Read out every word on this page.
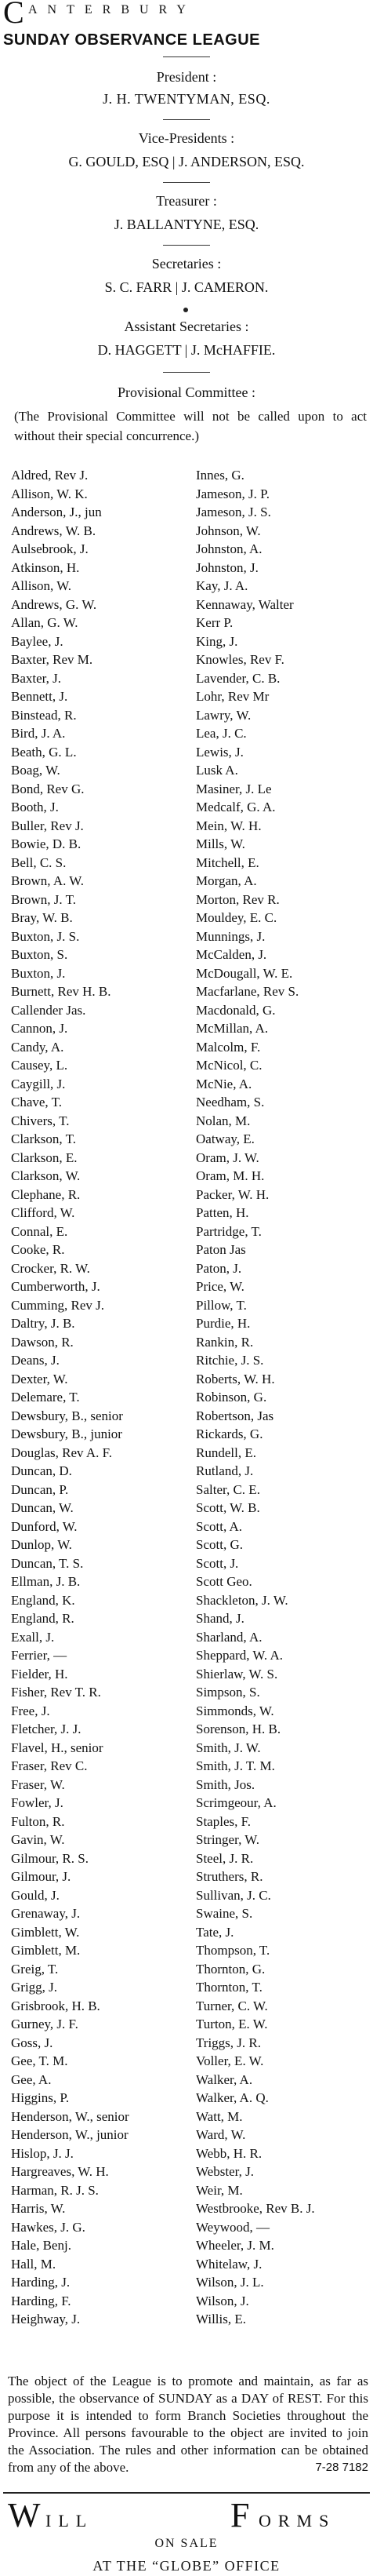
C ANTERBURY
SUNDAY OBSERVANCE LEAGUE
President :
J. H. TWENTYMAN, ESQ.
Vice-Presidents :
G. GOULD, ESQ | J. ANDERSON, ESQ.
Treasurer :
J. BALLANTYNE, ESQ.
Secretaries :
S. C. FARR | J. CAMERON.
Assistant Secretaries :
D. HAGGETT | J. McHAFFIE.
Provisional Committee :
(The Provisional Committee will not be called upon to act without their special concurrence.)
Aldred, Rev J.	Innes, G.
Allison, W. K.	Jameson, J. P.
Anderson, J., jun	Jameson, J. S.
Andrews, W. B.	Johnson, W.
Aulsebrook, J.	Johnston, A.
Atkinson, H.	Johnston, J.
Allison, W.	Kay, J. A.
Andrews, G. W.	Kennaway, Walter
Allan, G. W.	Kerr P.
Baylee, J.	King, J.
Baxter, Rev M.	Knowles, Rev F.
Baxter, J.	Lavender, C. B.
Bennett, J.	Lohr, Rev Mr
Binstead, R.	Lawry, W.
Bird, J. A.	Lea, J. C.
Beath, G. L.	Lewis, J.
Boag, W.	Lusk A.
Bond, Rev G.	Masiner, J. Le
Booth, J.	Medcalf, G. A.
Buller, Rev J.	Mein, W. H.
Bowie, D. B.	Mills, W.
Bell, C. S.	Mitchell, E.
Brown, A. W.	Morgan, A.
Brown, J. T.	Morton, Rev R.
Bray, W. B.	Mouldey, E. C.
Buxton, J. S.	Munnings, J.
Buxton, S.	McCalden, J.
Buxton, J.	McDougall, W. E.
Burnett, Rev H. B.	Macfarlane, Rev S.
Callender Jas.	Macdonald, G.
Cannon, J.	McMillan, A.
Candy, A.	Malcolm, F.
Causey, L.	McNicol, C.
Caygill, J.	McNie, A.
Chave, T.	Needham, S.
Chivers, T.	Nolan, M.
Clarkson, T.	Oatway, E.
Clarkson, E.	Oram, J. W.
Clarkson, W.	Oram, M. H.
Clephane, R.	Packer, W. H.
Clifford, W.	Patten, H.
Connal, E.	Partridge, T.
Cooke, R.	Paton Jas
Crocker, R. W.	Paton, J.
Cumberworth, J.	Price, W.
Cumming, Rev J.	Pillow, T.
Daltry, J. B.	Purdie, H.
Dawson, R.	Rankin, R.
Deans, J.	Ritchie, J. S.
Dexter, W.	Roberts, W. H.
Delemare, T.	Robinson, G.
Dewsbury, B., senior	Robertson, Jas
Dewsbury, B., junior	Rickards, G.
Douglas, Rev A. F.	Rundell, E.
Duncan, D.	Rutland, J.
Duncan, P.	Salter, C. E.
Duncan, W.	Scott, W. B.
Dunford, W.	Scott, A.
Dunlop, W.	Scott, G.
Duncan, T. S.	Scott, J.
Ellman, J. B.	Scott Geo.
England, K.	Shackleton, J. W.
England, R.	Shand, J.
Exall, J.	Sharland, A.
Ferrier, —	Sheppard, W. A.
Fielder, H.	Shierlaw, W. S.
Fisher, Rev T. R.	Simpson, S.
Free, J.	Simmonds, W.
Fletcher, J. J.	Sorenson, H. B.
Flavel, H., senior	Smith, J. W.
Fraser, Rev C.	Smith, J. T. M.
Fraser, W.	Smith, Jos.
Fowler, J.	Scrimgeour, A.
Fulton, R.	Staples, F.
Gavin, W.	Stringer, W.
Gilmour, R. S.	Steel, J. R.
Gilmour, J.	Struthers, R.
Gould, J.	Sullivan, J. C.
Grenaway, J.	Swaine, S.
Gimblett, W.	Tate, J.
Gimblett, M.	Thompson, T.
Greig, T.	Thornton, G.
Grigg, J.	Thornton, T.
Grisbrook, H. B.	Turner, C. W.
Gurney, J. F.	Turton, E. W.
Goss, J.	Triggs, J. R.
Gee, T. M.	Voller, E. W.
Gee, A.	Walker, A.
Higgins, P.	Walker, A. Q.
Henderson, W., senior	Watt, M.
Henderson, W., junior	Ward, W.
Hislop, J. J.	Webb, H. R.
Hargreaves, W. H.	Webster, J.
Harman, R. J. S.	Weir, M.
Harris, W.	Westbrooke, Rev B. J.
Hawkes, J. G.	Weywood, —
Hale, Benj.	Wheeler, J. M.
Hall, M.	Whitelaw, J.
Harding, J.	Wilson, J. L.
Harding, F.	Wilson, J.
Heighway, J.	Willis, E.
The object of the League is to promote and maintain, as far as possible, the observance of SUNDAY as a DAY of REST. For this purpose it is intended to form Branch Societies throughout the Province. All persons favourable to the object are invited to join the Association. The rules and other information can be obtained from any of the above.	7-28 7182
W ILL	F ORMS
ON SALE
AT THE “GLOBE” OFFICE
